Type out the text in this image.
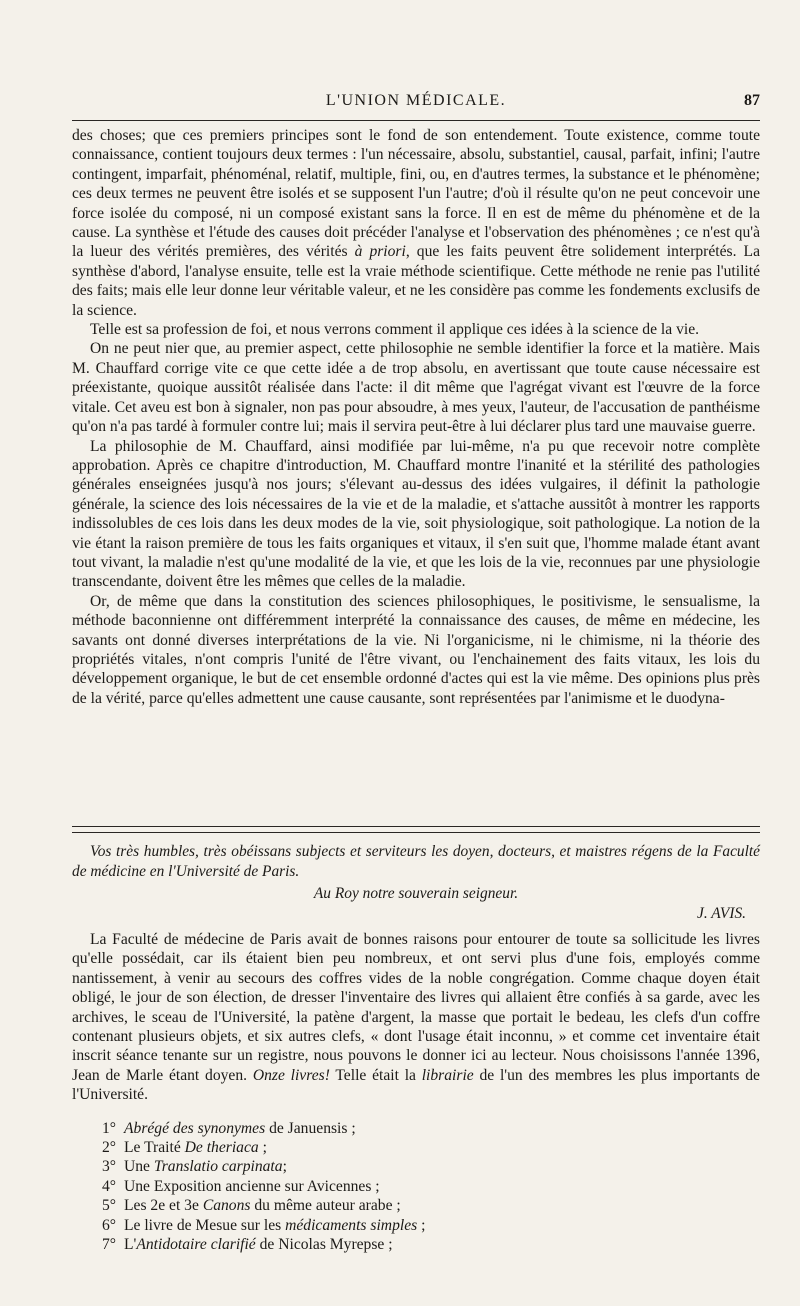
L'UNION MÉDICALE.	87

des choses; que ces premiers principes sont le fond de son entendement. Toute existence, comme toute connaissance, contient toujours deux termes : l'un nécessaire, absolu, substantiel, causal, parfait, infini; l'autre contingent, imparfait, phénoménal, relatif, multiple, fini, ou, en d'autres termes, la substance et le phénomène; ces deux termes ne peuvent être isolés et se supposent l'un l'autre; d'où il résulte qu'on ne peut concevoir une force isolée du composé, ni un composé existant sans la force. Il en est de même du phénomène et de la cause. La synthèse et l'étude des causes doit précéder l'analyse et l'observation des phénomènes ; ce n'est qu'à la lueur des vérités premières, des vérités à priori, que les faits peuvent être solidement interprétés. La synthèse d'abord, l'analyse ensuite, telle est la vraie méthode scientifique. Cette méthode ne renie pas l'utilité des faits; mais elle leur donne leur véritable valeur, et ne les considère pas comme les fondements exclusifs de la science.

Telle est sa profession de foi, et nous verrons comment il applique ces idées à la science de la vie.

On ne peut nier que, au premier aspect, cette philosophie ne semble identifier la force et la matière. Mais M. Chauffard corrige vite ce que cette idée a de trop absolu, en avertissant que toute cause nécessaire est préexistante, quoique aussitôt réalisée dans l'acte: il dit même que l'agrégat vivant est l'œuvre de la force vitale. Cet aveu est bon à signaler, non pas pour absoudre, à mes yeux, l'auteur, de l'accusation de panthéisme qu'on n'a pas tardé à formuler contre lui; mais il servira peut-être à lui déclarer plus tard une mauvaise guerre.

La philosophie de M. Chauffard, ainsi modifiée par lui-même, n'a pu que recevoir notre complète approbation. Après ce chapitre d'introduction, M. Chauffard montre l'inanité et la stérilité des pathologies générales enseignées jusqu'à nos jours; s'élevant au-dessus des idées vulgaires, il définit la pathologie générale, la science des lois nécessaires de la vie et de la maladie, et s'attache aussitôt à montrer les rapports indissolubles de ces lois dans les deux modes de la vie, soit physiologique, soit pathologique. La notion de la vie étant la raison première de tous les faits organiques et vitaux, il s'en suit que, l'homme malade étant avant tout vivant, la maladie n'est qu'une modalité de la vie, et que les lois de la vie, reconnues par une physiologie transcendante, doivent être les mêmes que celles de la maladie.

Or, de même que dans la constitution des sciences philosophiques, le positivisme, le sensualisme, la méthode baconnienne ont différemment interprété la connaissance des causes, de même en médecine, les savants ont donné diverses interprétations de la vie. Ni l'organicisme, ni le chimisme, ni la théorie des propriétés vitales, n'ont compris l'unité de l'être vivant, ou l'enchainement des faits vitaux, les lois du développement organique, le but de cet ensemble ordonné d'actes qui est la vie même. Des opinions plus près de la vérité, parce qu'elles admettent une cause causante, sont représentées par l'animisme et le duodyna-

Vos très humbles, très obéissans subjects et serviteurs les doyen, docteurs, et maistres régens de la Faculté de médicine en l'Université de Paris.

Au Roy notre souverain seigneur.

J. AVIS.

La Faculté de médecine de Paris avait de bonnes raisons pour entourer de toute sa sollicitude les livres qu'elle possédait, car ils étaient bien peu nombreux, et ont servi plus d'une fois, employés comme nantissement, à venir au secours des coffres vides de la noble congrégation. Comme chaque doyen était obligé, le jour de son élection, de dresser l'inventaire des livres qui allaient être confiés à sa garde, avec les archives, le sceau de l'Université, la patène d'argent, la masse que portait le bedeau, les clefs d'un coffre contenant plusieurs objets, et six autres clefs, « dont l'usage était inconnu, » et comme cet inventaire était inscrit séance tenante sur un registre, nous pouvons le donner ici au lecteur. Nous choisissons l'année 1396, Jean de Marle étant doyen. Onze livres! Telle était la librairie de l'un des membres les plus importants de l'Université.

1° Abrégé des synonymes de Januensis ;
2° Le Traité De theriaca ;
3° Une Translatio carpinata;
4° Une Exposition ancienne sur Avicennes ;
5° Les 2e et 3e Canons du même auteur arabe ;
6° Le livre de Mesue sur les médicaments simples ;
7° L'Antidotaire clarifié de Nicolas Myrepse ;
